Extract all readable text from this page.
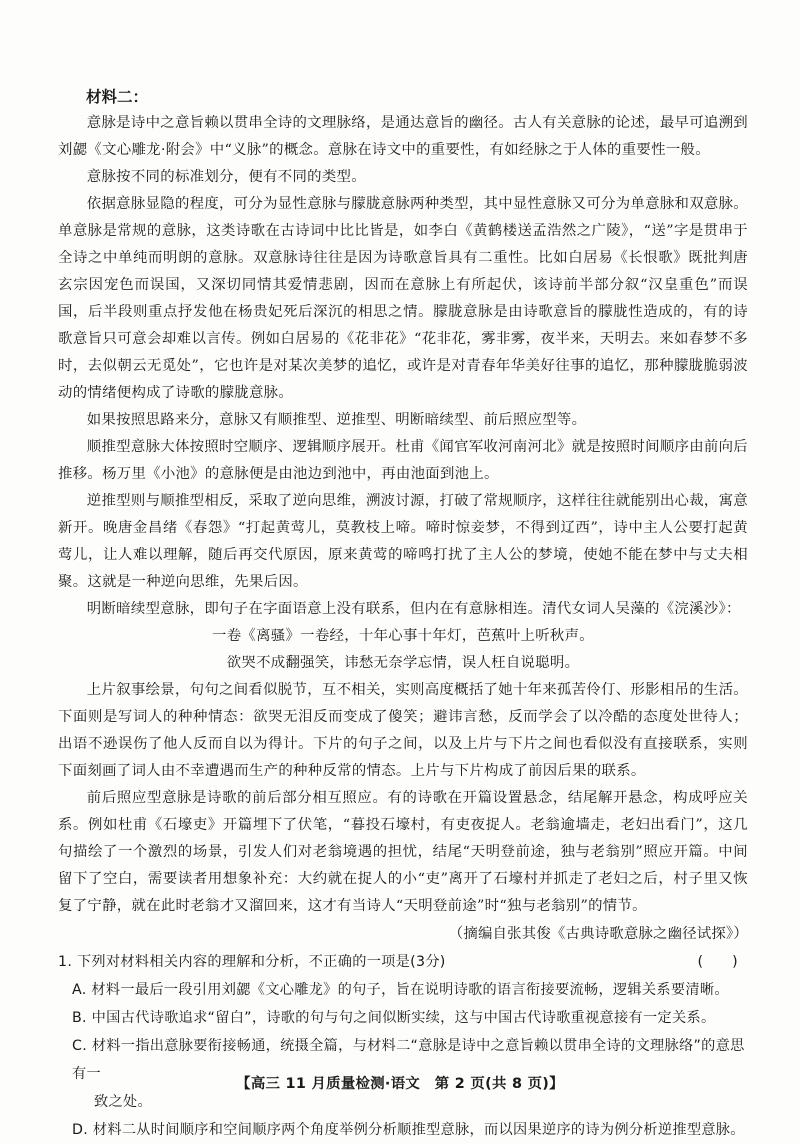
材料二：

意脉是诗中之意旨赖以贯串全诗的文理脉络，是通达意旨的幽径。古人有关意脉的论述，最早可追溯到刘勰《文心雕龙·附会》中“义脉”的概念。意脉在诗文中的重要性，有如经脉之于人体的重要性一般。

意脉按不同的标准划分，便有不同的类型。

依据意脉显隐的程度，可分为显性意脉与朦胧意脉两种类型，其中显性意脉又可分为单意脉和双意脉。单意脉是常规的意脉，这类诗歌在古诗词中比比皆是，如李白《黄鹤楼送孟浩然之广陵》，“送”字是贯串于全诗之中单纯而明朗的意脉。双意脉诗往往是因为诗歌意旨具有二重性。比如白居易《长恨歌》既批判唐玄宗因宠色而误国，又深切同情其爱情悲剧，因而在意脉上有所起伏，该诗前半部分叙“汉皇重色”而误国，后半段则重点抒发他在杨贵妃死后深沉的相思之情。朦胧意脉是由诗歌意旨的朦胧性造成的，有的诗歌意旨只可意会却难以言传。例如白居易的《花非花》“花非花，雾非雾，夜半来，天明去。来如春梦不多时，去似朝云无觅处”，它也许是对某次美梦的追忆，或许是对青春年华美好往事的追忆，那种朦胧脆弱波动的情绪便构成了诗歌的朦胧意脉。

如果按照思路来分，意脉又有顺推型、逆推型、明断暗续型、前后照应型等。

顺推型意脉大体按照时空顺序、逻辑顺序展开。杜甫《闻官军收河南河北》就是按照时间顺序由前向后推移。杨万里《小池》的意脉便是由池边到池中，再由池面到池上。

逆推型则与顺推型相反，采取了逆向思维，溯波讨源，打破了常规顺序，这样往往就能别出心裁，寓意新开。晚唐金昌绪《春怨》“打起黄莺儿，莫教枝上啼。啼时惊妾梦，不得到辽西”，诗中主人公要打起黄莺儿，让人难以理解，随后再交代原因，原来黄莺的啼鸣打扰了主人公的梦境，使她不能在梦中与丈夫相聚。这就是一种逆向思维，先果后因。

明断暗续型意脉，即句子在字面语意上没有联系，但内在有意脉相连。清代女词人吴藻的《浣溪沙》：

一卷《离骚》一卷经，十年心事十年灯，芭蕉叶上听秋声。

欲哭不成翻强笑，讳愁无奈学忘情，误人枉自说聪明。

上片叙事绘景，句句之间看似脱节，互不相关，实则高度概括了她十年来孤苦伶仃、形影相吊的生活。下面则是写词人的种种情态：欲哭无泪反而变成了傻笑；避讳言愁，反而学会了以冷酷的态度处世待人；出语不逊误伤了他人反而自以为得计。下片的句子之间，以及上片与下片之间也看似没有直接联系，实则下面刻画了词人由不幸遭遇而生产的种种反常的情态。上片与下片构成了前因后果的联系。

前后照应型意脉是诗歌的前后部分相互照应。有的诗歌在开篇设置悬念，结尾解开悬念，构成呼应关系。例如杜甫《石壕吏》开篇埋下了伏笔，“暮投石壕村，有吏夜捉人。老翁逾墙走，老妇出看门”，这几句描绘了一个激烈的场景，引发人们对老翁境遇的担忧，结尾“天明登前途，独与老翁别”照应开篇。中间留下了空白，需要读者用想象补充：大约就在捉人的小“吏”离开了石壕村并抓走了老妇之后，村子里又恢复了宁静，就在此时老翁才又溜回来，这才有当诗人“天明登前途”时“独与老翁别”的情节。

（摘编自张其俊《古典诗歌意脉之幽径试探》）

1. 下列对材料相关内容的理解和分析，不正确的一项是(3分)	(      )
A. 材料一最后一段引用刘勰《文心雕龙》的句子，旨在说明诗歌的语言衔接要流畅，逻辑关系要清晰。
B. 中国古代诗歌追求“留白”，诗歌的句与句之间似断实续，这与中国古代诗歌重视意接有一定关系。
C. 材料一指出意脉要衔接畅通，统摄全篇，与材料二“意脉是诗中之意旨赖以贯串全诗的文理脉络”的意思有一
致之处。
D. 材料二从时间顺序和空间顺序两个角度举例分析顺推型意脉，而以因果逆序的诗为例分析逆推型意脉。
【高三 11 月质量检测·语文　第 2 页(共 8 页)】
